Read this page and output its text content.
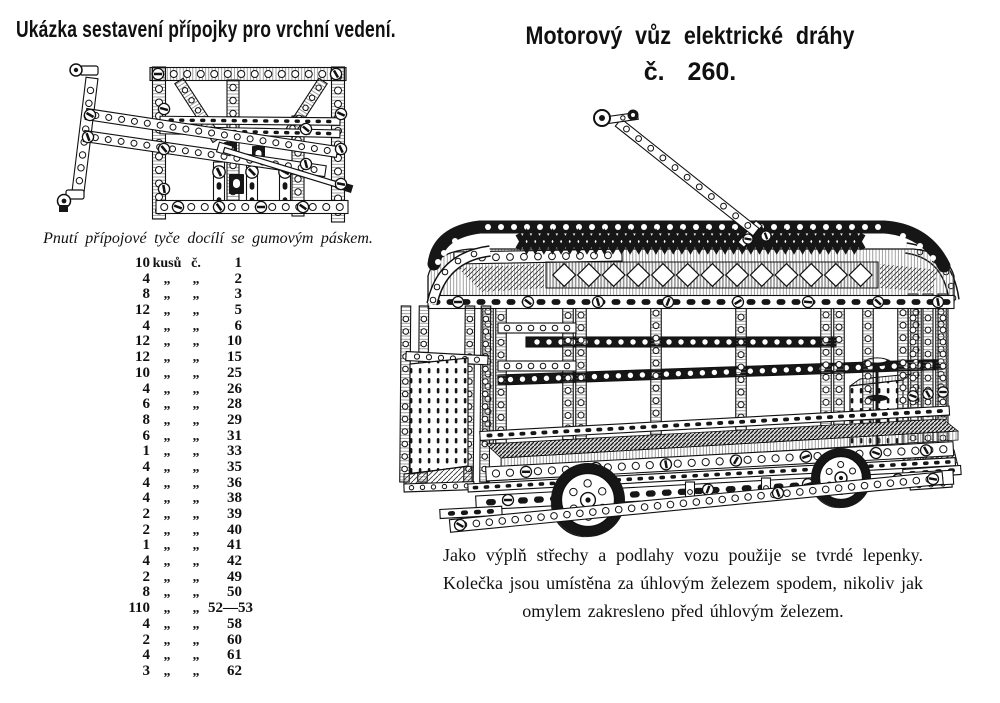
Ukázka sestavení přípojky pro vrchní vedení.	Motorový vůz elektrické dráhy
č. 260.
Pnutí přípojové tyče docílí se gumovým páskem.
10 kusů č.	1
4 „	„	2
8 „	„	3
12 „	„	5
4 „	„	6
12 „	„	10
12 „	„	15
10 „	„	25
4 „	„	26
6 „	„	28
8 „	„	29
6 „	„	31
1 „	„	33
4 „	„	35
4 „	„	36
4 „	„	38
2 „	„	39
2 „	„	40
1 „	„	41
4 „	„	42
2 „	„	49
8 „	„	50
110 „	„ 52—53
4 „	„	58
2 „	„	60
4 „	„	61
3 „	„	62
Jako výplň střechy a podlahy vozu použije se tvrdé lepenky. Kolečka jsou umístěna za úhlovým železem spodem, nikoliv jak omylem zakresleno před úhlovým železem.
